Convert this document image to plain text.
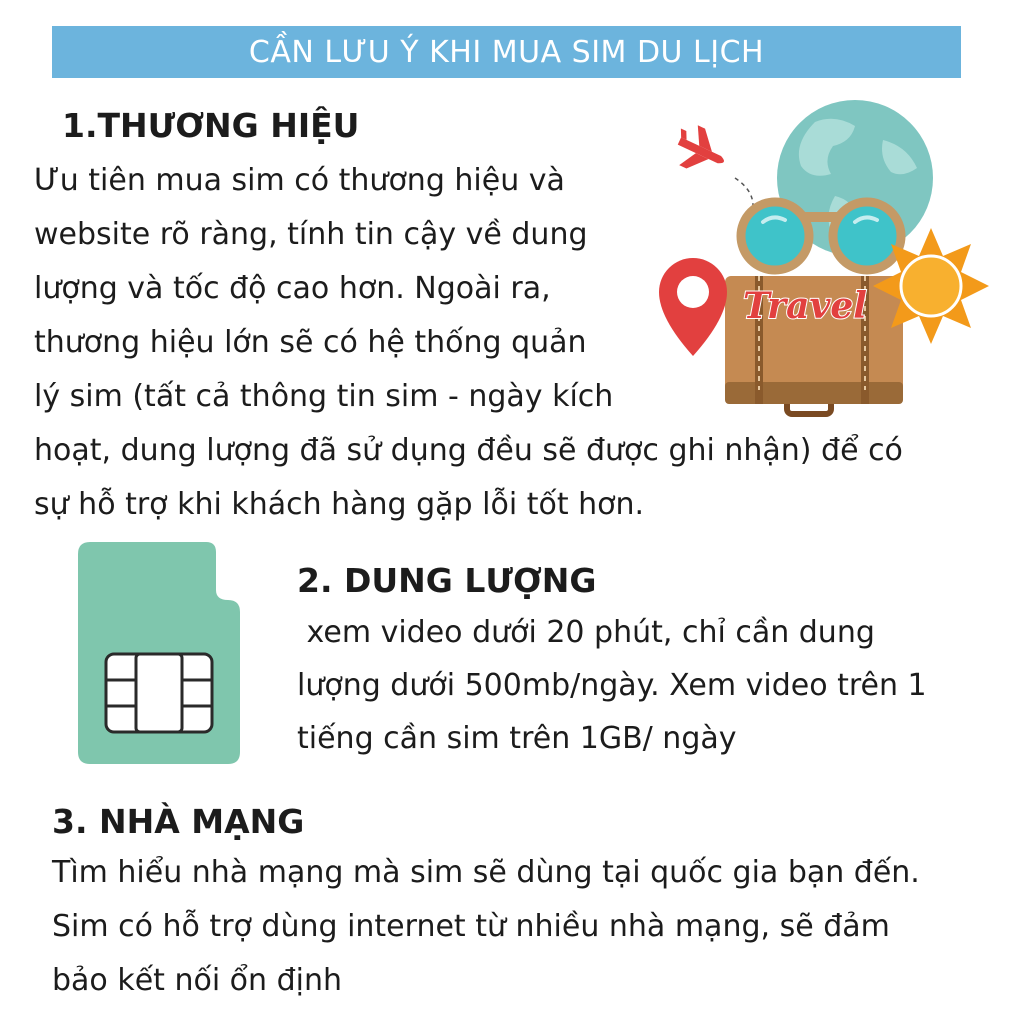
CẦN LƯU Ý KHI MUA SIM DU LỊCH
1.THƯƠNG HIỆU

Ưu tiên mua sim có thương hiệu và
website rõ ràng, tính tin cậy về dung
lượng và tốc độ cao hơn. Ngoài ra,
thương hiệu lớn sẽ có hệ thống quản
lý sim (tất cả thông tin sim - ngày kích
hoạt, dung lượng đã sử dụng đều sẽ được ghi nhận) để có
sự hỗ trợ khi khách hàng gặp lỗi tốt hơn.

Travel
2. DUNG LƯỢNG

xem video dưới 20 phút, chỉ cần dung
lượng dưới 500mb/ngày. Xem video trên 1
tiếng cần sim trên 1GB/ ngày

3. NHÀ MẠNG

Tìm hiểu nhà mạng mà sim sẽ dùng tại quốc gia bạn đến.
Sim có hỗ trợ dùng internet từ nhiều nhà mạng, sẽ đảm
bảo kết nối ổn định
